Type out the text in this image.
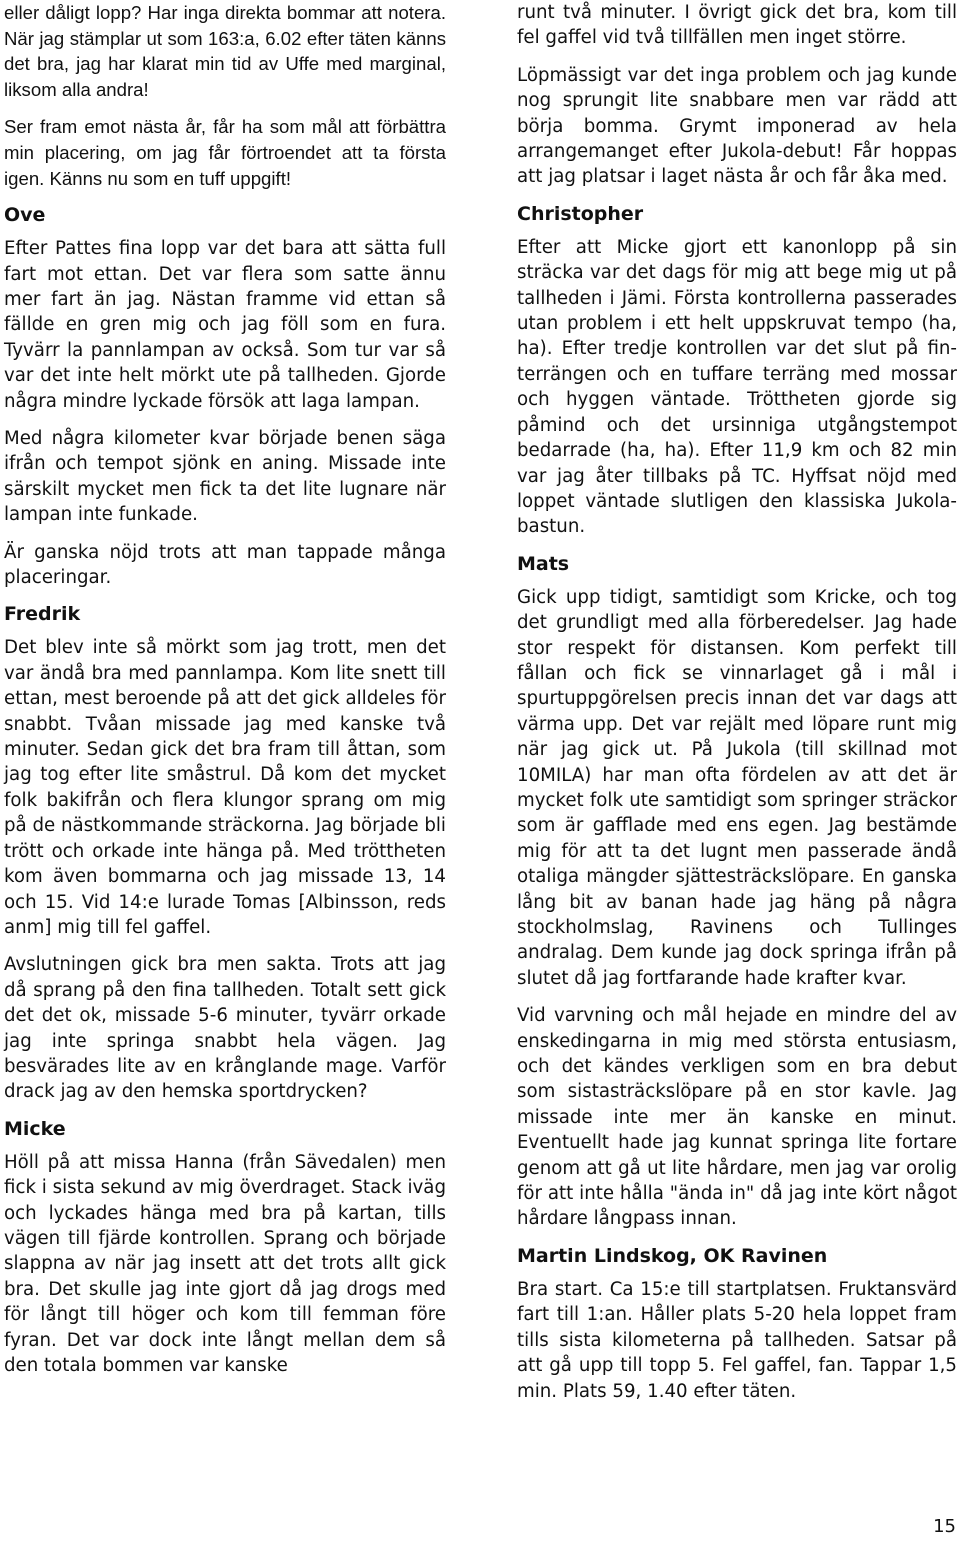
eller dåligt lopp? Har inga direkta bommar att notera. När jag stämplar ut som 163:a, 6.02 efter täten känns det bra, jag har klarat min tid av Uffe med marginal, liksom alla andra!

Ser fram emot nästa år, får ha som mål att förbättra min placering, om jag får förtroendet att ta första igen. Känns nu som en tuff uppgift!

Ove

Efter Pattes fina lopp var det bara att sätta full fart mot ettan. Det var flera som satte ännu mer fart än jag. Nästan framme vid ettan så fällde en gren mig och jag föll som en fura. Tyvärr la pannlampan av också. Som tur var så var det inte helt mörkt ute på tallheden. Gjorde några mindre lyckade försök att laga lampan.

Med några kilometer kvar började benen säga ifrån och tempot sjönk en aning. Missade inte särskilt mycket men fick ta det lite lugnare när lampan inte funkade.

Är ganska nöjd trots att man tappade många placeringar.

Fredrik

Det blev inte så mörkt som jag trott, men det var ändå bra med pannlampa. Kom lite snett till ettan, mest beroende på att det gick alldeles för snabbt. Tvåan missade jag med kanske två minuter. Sedan gick det bra fram till åttan, som jag tog efter lite småstrul. Då kom det mycket folk bakifrån och flera klungor sprang om mig på de nästkommande sträckorna. Jag började bli trött och orkade inte hänga på. Med tröttheten kom även bommarna och jag missade 13, 14 och 15. Vid 14:e lurade Tomas [Albinsson, reds anm] mig till fel gaffel.

Avslutningen gick bra men sakta. Trots att jag då sprang på den fina tallheden. Totalt sett gick det det ok, missade 5-6 minuter, tyvärr orkade jag inte springa snabbt hela vägen. Jag besvärades lite av en krånglande mage. Varför drack jag av den hemska sportdrycken?

Micke

Höll på att missa Hanna (från Sävedalen) men fick i sista sekund av mig överdraget. Stack iväg och lyckades hänga med bra på kartan, tills vägen till fjärde kontrollen. Sprang och började slappna av när jag insett att det trots allt gick bra. Det skulle jag inte gjort då jag drogs med för långt till höger och kom till femman före fyran. Det var dock inte långt mellan dem så den totala bommen var kanske

runt två minuter. I övrigt gick det bra, kom till fel gaffel vid två tillfällen men inget större.

Löpmässigt var det inga problem och jag kunde nog sprungit lite snabbare men var rädd att börja bomma. Grymt imponerad av hela arrangemanget efter Jukola-debut! Får hoppas att jag platsar i laget nästa år och får åka med.

Christopher

Efter att Micke gjort ett kanonlopp på sin sträcka var det dags för mig att bege mig ut på tallheden i Jämi. Första kontrollerna passerades utan problem i ett helt uppskruvat tempo (ha, ha). Efter tredje kontrollen var det slut på fin-terrängen och en tuffare terräng med mossar och hyggen väntade. Tröttheten gjorde sig påmind och det ursinniga utgångstempot bedarrade (ha, ha). Efter 11,9 km och 82 min var jag åter tillbaks på TC. Hyffsat nöjd med loppet väntade slutligen den klassiska Jukola-bastun.

Mats

Gick upp tidigt, samtidigt som Kricke, och tog det grundligt med alla förberedelser. Jag hade stor respekt för distansen. Kom perfekt till fållan och fick se vinnarlaget gå i mål i spurtuppgörelsen precis innan det var dags att värma upp. Det var rejält med löpare runt mig när jag gick ut. På Jukola (till skillnad mot 10MILA) har man ofta fördelen av att det är mycket folk ute samtidigt som springer sträckor som är gafflade med ens egen. Jag bestämde mig för att ta det lugnt men passerade ändå otaliga mängder sjättesträckslöpare. En ganska lång bit av banan hade jag häng på några stockholmslag, Ravinens och Tullinges andralag. Dem kunde jag dock springa ifrån på slutet då jag fortfarande hade krafter kvar.

Vid varvning och mål hejade en mindre del av enskedingarna in mig med största entusiasm, och det kändes verkligen som en bra debut som sistasträckslöpare på en stor kavle. Jag missade inte mer än kanske en minut. Eventuellt hade jag kunnat springa lite fortare genom att gå ut lite hårdare, men jag var orolig för att inte hålla "ända in" då jag inte kört något hårdare långpass innan.

Martin Lindskog, OK Ravinen

Bra start. Ca 15:e till startplatsen. Fruktansvärd fart till 1:an. Håller plats 5-20 hela loppet fram tills sista kilometerna på tallheden. Satsar på att gå upp till topp 5. Fel gaffel, fan. Tappar 1,5 min. Plats 59, 1.40 efter täten.

15
